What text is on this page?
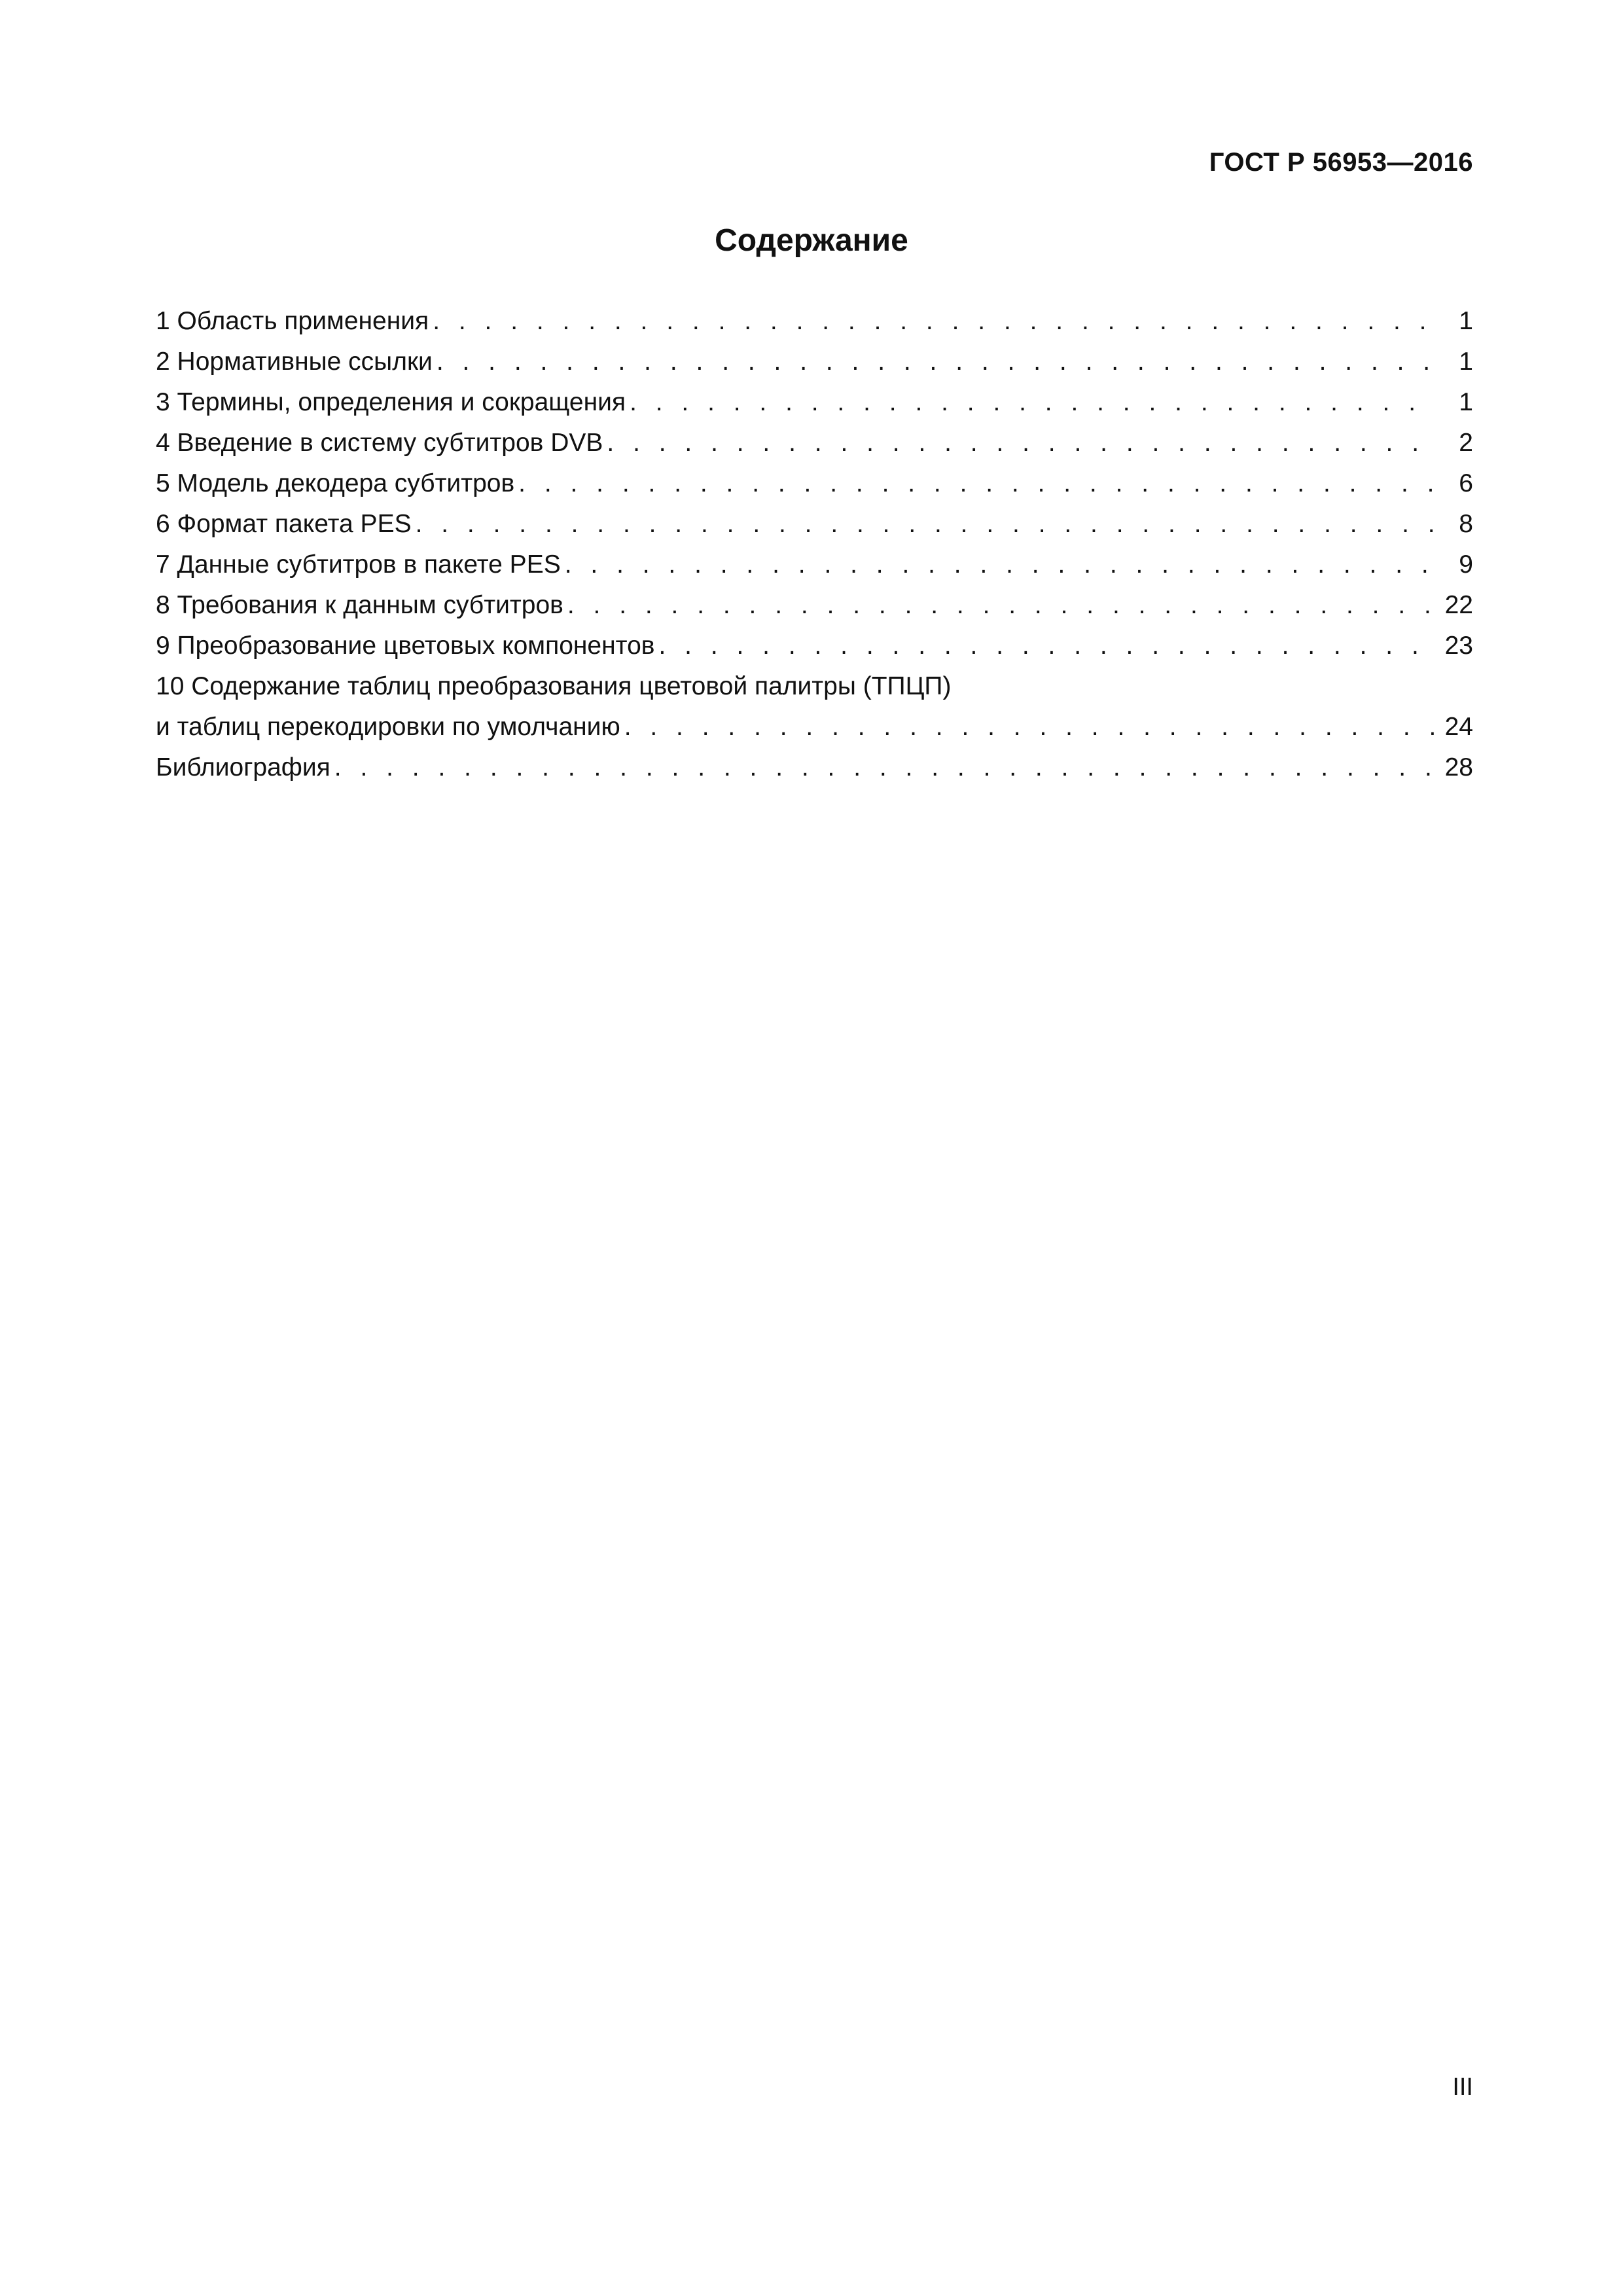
ГОСТ Р 56953—2016
Содержание
1 Область применения . . .	1
2 Нормативные ссылки . . .	1
3 Термины, определения и сокращения . . .	1
4 Введение в систему субтитров DVB . . .	2
5 Модель декодера субтитров . . .	6
6 Формат пакета PES . . .	8
7 Данные субтитров в пакете PES . . .	9
8 Требования к данным субтитров . . .	22
9 Преобразование цветовых компонентов . . .	23
10 Содержание таблиц преобразования цветовой палитры (ТПЦП)
и таблиц перекодировки по умолчанию . . .	24
Библиография . . .	28
III
